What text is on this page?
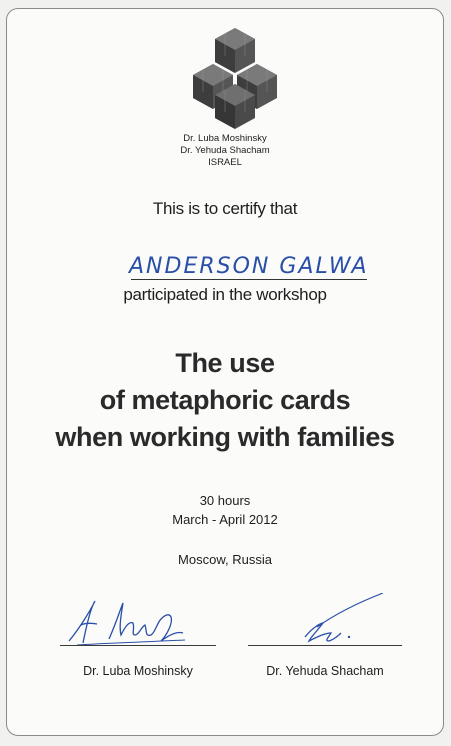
Dr. Luba Moshinsky
Dr. Yehuda Shacham
ISRAEL
This is to certify that
ANDERSON GALWA
participated in the workshop
The use
of metaphoric cards
when working with families
30 hours
March - April 2012
Moscow, Russia
Dr. Luba Moshinsky	Dr. Yehuda Shacham
